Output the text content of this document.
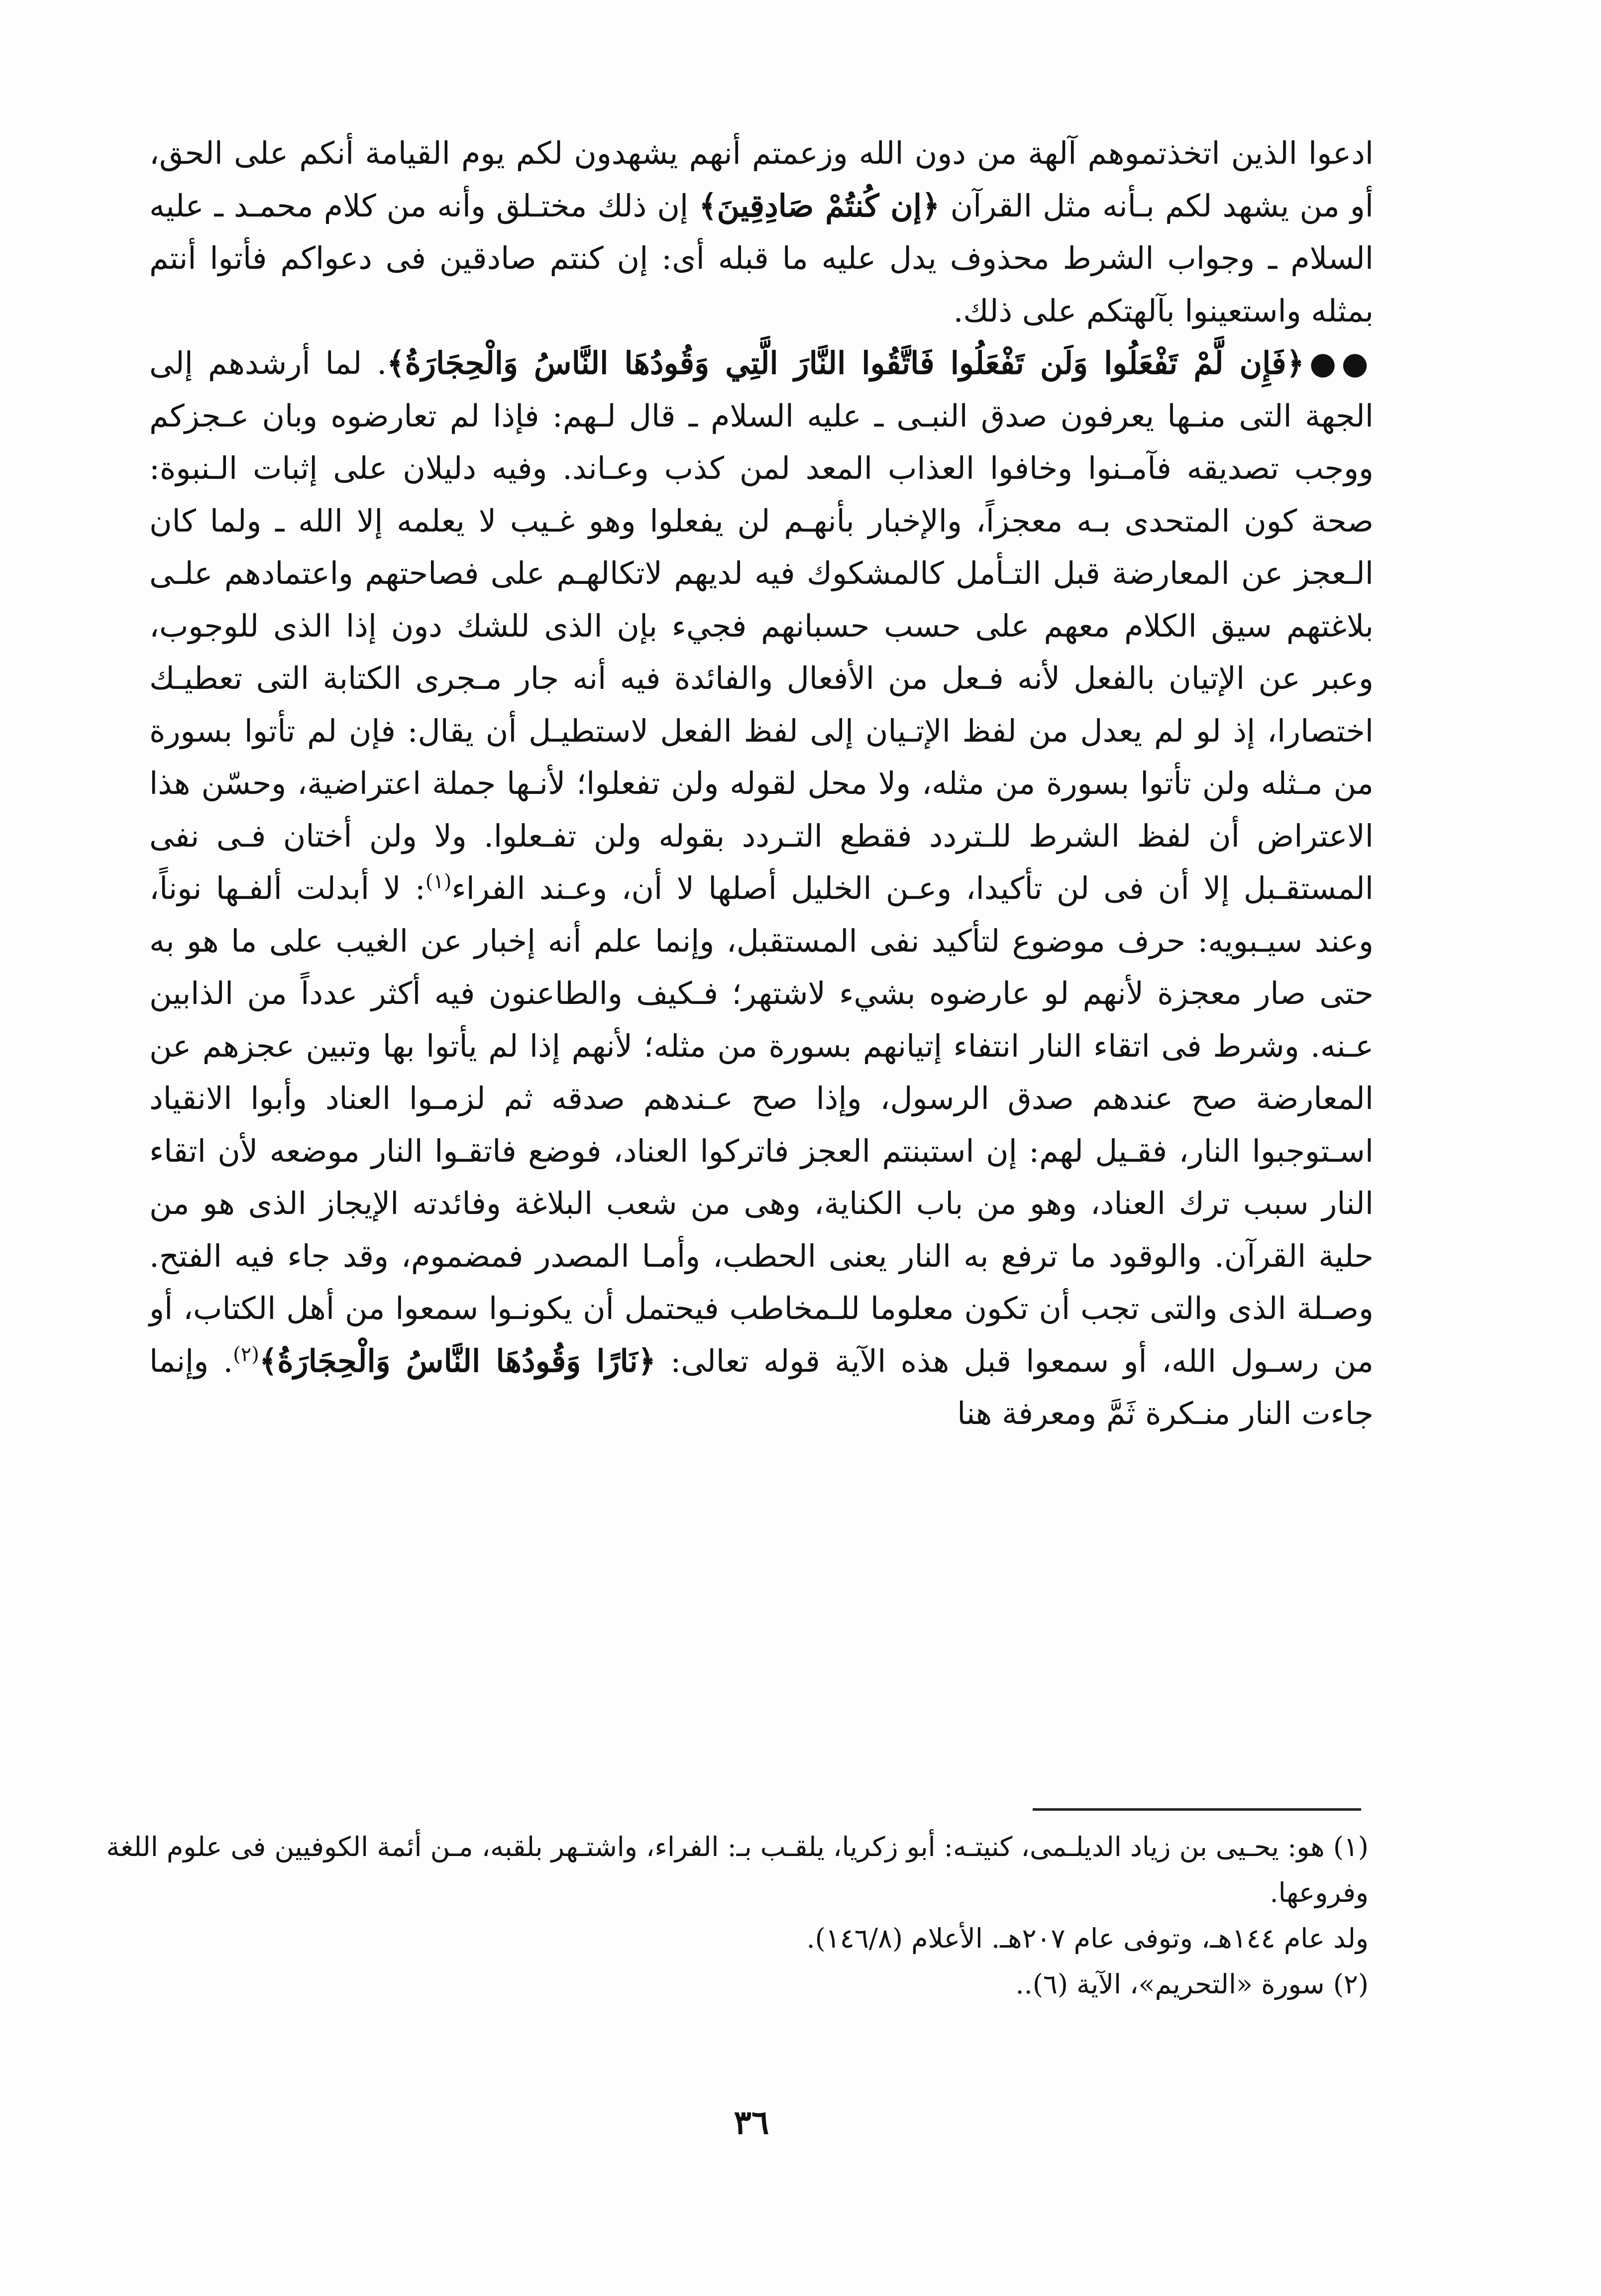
ادعوا الذين اتخذتموهم آلهة من دون الله وزعمتم أنهم يشهدون لكم يوم القيامة أنكم على الحق، أو من يشهد لكم بـأنه مثل القرآن ﴿إن كُنتُمْ صَادِقِينَ﴾ إن ذلك مختـلق وأنه من كلام محمـد ـ عليه السلام ـ وجواب الشرط محذوف يدل عليه ما قبله أى: إن كنتم صادقين فى دعواكم فأتوا أنتم بمثله واستعينوا بآلهتكم على ذلك.

●●﴿فَإِن لَّمْ تَفْعَلُوا وَلَن تَفْعَلُوا فَاتَّقُوا النَّارَ الَّتِي وَقُودُهَا النَّاسُ وَالْحِجَارَةُ﴾. لما أرشدهم إلى الجهة التى منـها يعرفون صدق النبـى ـ عليه السلام ـ قال لـهم: فإذا لم تعارضوه وبان عـجزكم ووجب تصديقه فآمـنوا وخافوا العذاب المعد لمن كذب وعـاند. وفيه دليلان على إثبات الـنبوة: صحة كون المتحدى بـه معجزاً، والإخبار بأنهـم لن يفعلوا وهو غـيب لا يعلمه إلا الله ـ ولما كان الـعجز عن المعارضة قبل التـأمل كالمشكوك فيه لديهم لاتكالهـم على فصاحتهم واعتمادهم علـى بلاغتهم سيق الكلام معهم على حسب حسبانهم فجيء بإن الذى للشك دون إذا الذى للوجوب، وعبر عن الإتيان بالفعل لأنه فـعل من الأفعال والفائدة فيه أنه جار مـجرى الكتابة التى تعطيـك اختصارا، إذ لو لم يعدل من لفظ الإتـيان إلى لفظ الفعل لاستطيـل أن يقال: فإن لم تأتوا بسورة من مـثله ولن تأتوا بسورة من مثله، ولا محل لقوله ولن تفعلوا؛ لأنـها جملة اعتراضية، وحسّن هذا الاعتراض أن لفظ الشرط للـتردد فقطع التـردد بقوله ولن تفـعلوا. ولا ولن أختان فـى نفى المستقـبل إلا أن فى لن تأكيدا، وعـن الخليل أصلها لا أن، وعـند الفراء$^{(١)}$: لا أبدلت ألفـها نوناً، وعند سيـبويه: حرف موضوع لتأكيد نفى المستقبل، وإنما علم أنه إخبار عن الغيب على ما هو به حتى صار معجزة لأنهم لو عارضوه بشيء لاشتهر؛ فـكيف والطاعنون فيه أكثر عدداً من الذابين عـنه. وشرط فى اتقاء النار انتفاء إتيانهم بسورة من مثله؛ لأنهم إذا لم يأتوا بها وتبين عجزهم عن المعارضة صح عندهم صدق الرسول، وإذا صح عـندهم صدقه ثم لزمـوا العناد وأبوا الانقياد اسـتوجبوا النار، فقـيل لهم: إن استبنتم العجز فاتركوا العناد، فوضع فاتقـوا النار موضعه لأن اتقاء النار سبب ترك العناد، وهو من باب الكناية، وهى من شعب البلاغة وفائدته الإيجاز الذى هو من حلية القرآن. والوقود ما ترفع به النار يعنى الحطب، وأمـا المصدر فمضموم، وقد جاء فيه الفتح. وصـلة الذى والتى تجب أن تكون معلوما للـمخاطب فيحتمل أن يكونـوا سمعوا من أهل الكتاب، أو من رسـول الله، أو سمعوا قبل هذه الآية قوله تعالى: ﴿نَارًا وَقُودُهَا النَّاسُ وَالْحِجَارَةُ﴾$^{(٢)}$. وإنما جاءت النار منـكرة ثَمَّ ومعرفة هنا

(١) هو: يحـيى بن زياد الديلـمى، كنيتـه: أبو زكريا، يلقـب بـ: الفراء، واشتـهر بلقبه، مـن أئمة الكوفيين فى علوم اللغة وفروعها.

ولد عام ١٤٤هـ، وتوفى عام ٢٠٧هـ. الأعلام (١٤٦/٨).

(٢) سورة «التحريم»، الآية (٦)..

٣٦
